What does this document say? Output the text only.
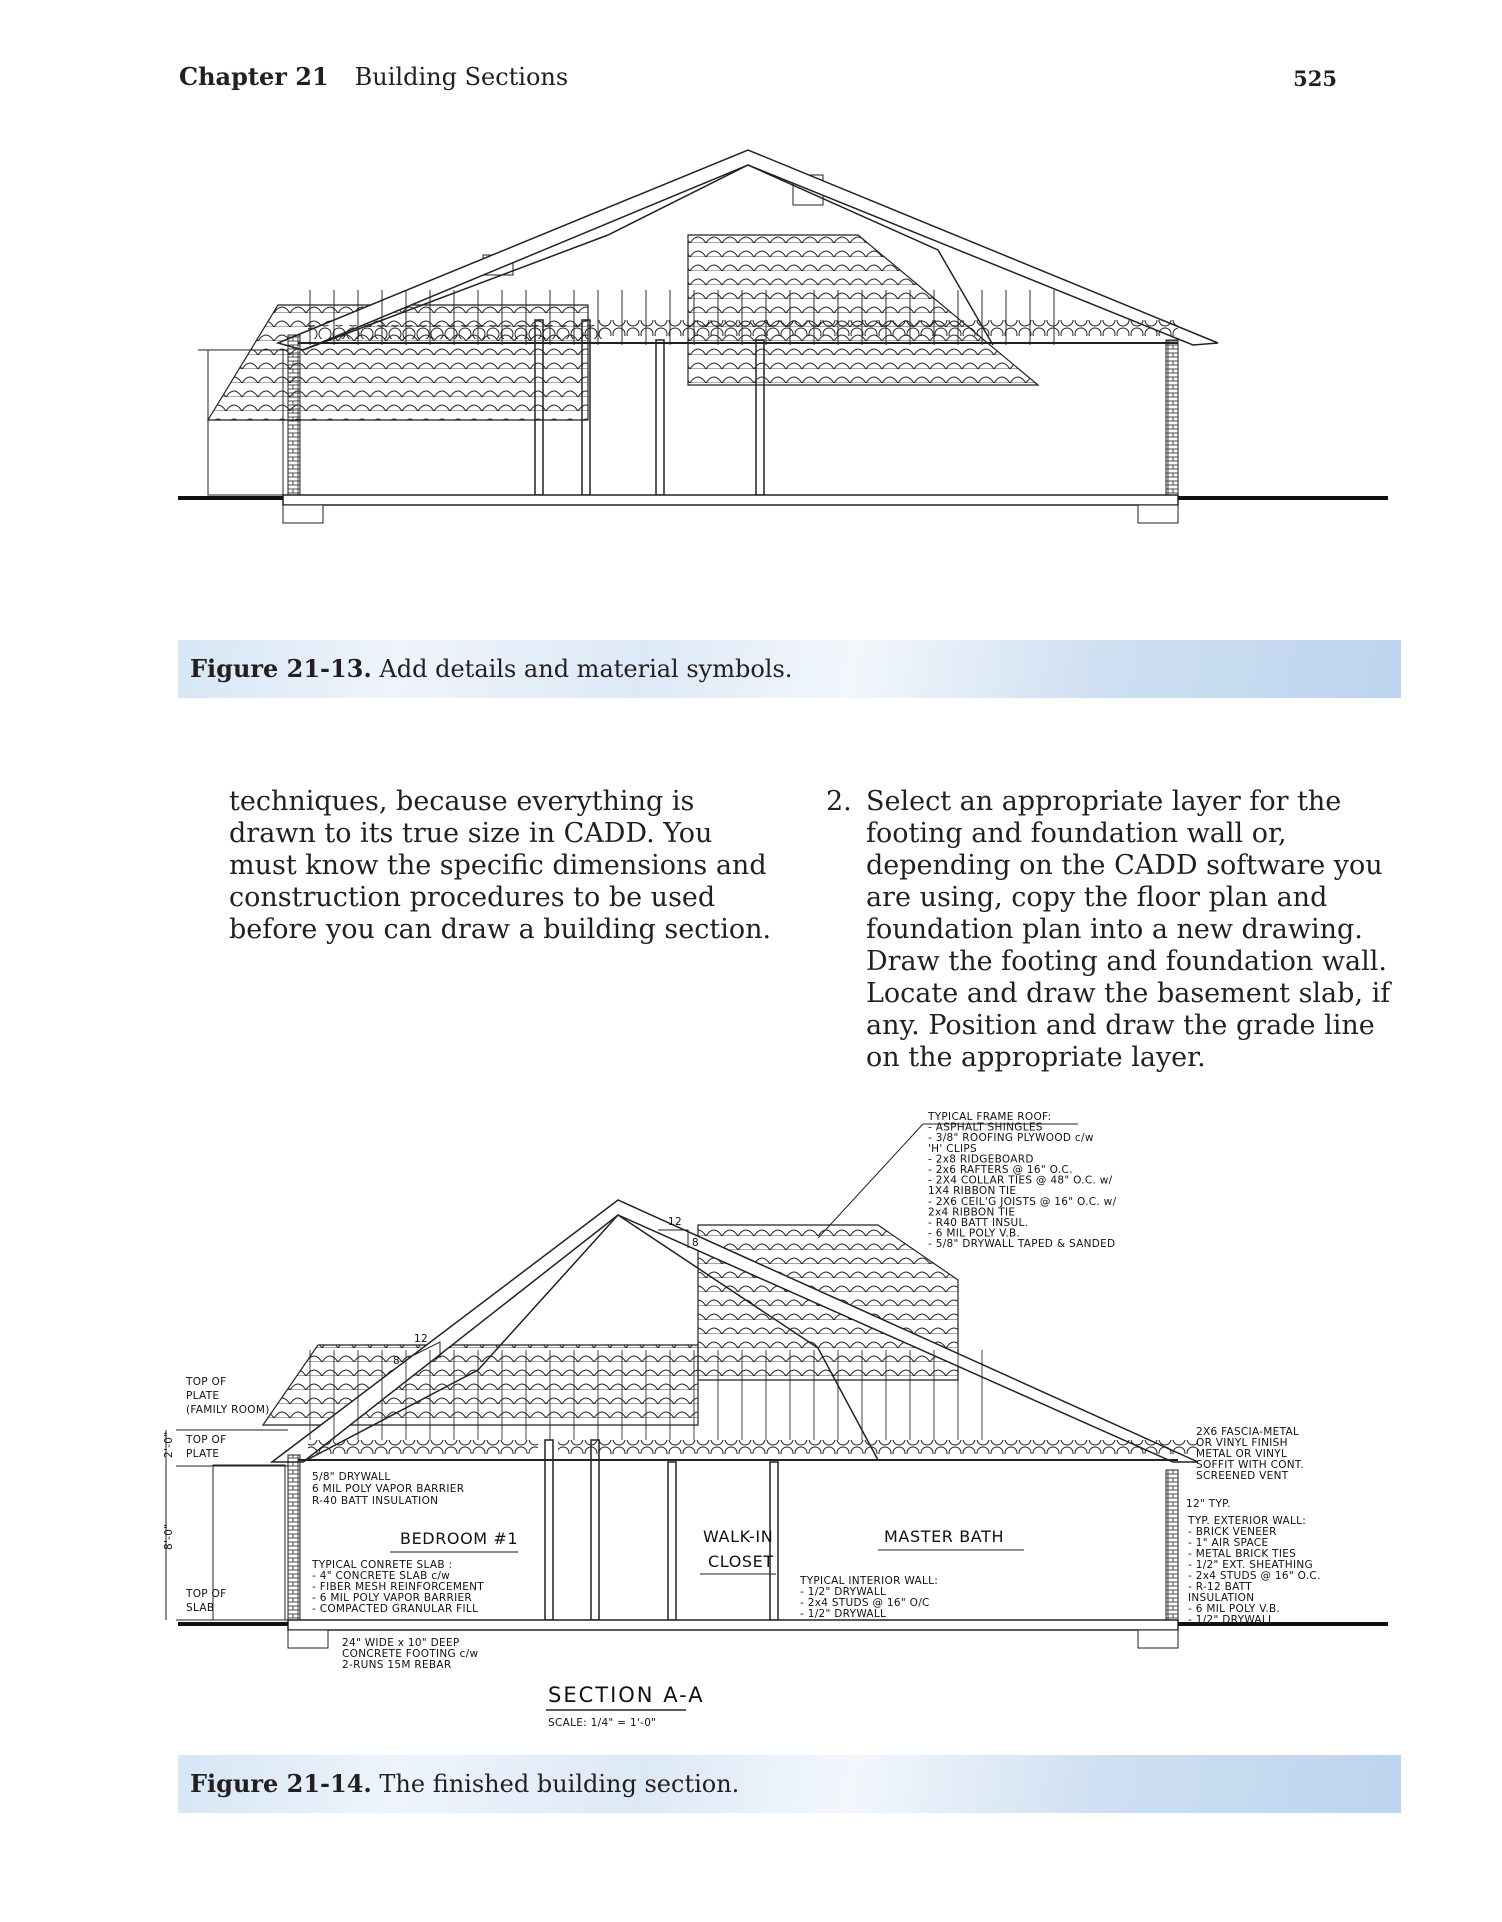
Chapter 21 Building Sections	525
Figure 21-13. Add details and material symbols.
techniques, because everything is drawn to its true size in CADD. You must know the specific dimensions and construction procedures to be used before you can draw a building section.
2. Select an appropriate layer for the footing and foundation wall or, depending on the CADD software you are using, copy the floor plan and foundation plan into a new drawing. Draw the footing and foundation wall. Locate and draw the basement slab, if any. Position and draw the grade line on the appropriate layer.
12
8
12
8
2'-0"
8'-0"
TOP OF
PLATE
(FAMILY ROOM)
TOP OF
PLATE
TOP OF
SLAB
TYPICAL FRAME ROOF:
- ASPHALT SHINGLES
- 3/8" ROOFING PLYWOOD c/w
'H' CLIPS
- 2x8 RIDGEBOARD
- 2x6 RAFTERS @ 16" O.C.
- 2X4 COLLAR TIES @ 48" O.C. w/
1X4 RIBBON TIE
- 2X6 CEIL'G JOISTS @ 16" O.C. w/
2x4 RIBBON TIE
- R40 BATT INSUL.
- 6 MIL POLY V.B.
- 5/8" DRYWALL TAPED & SANDED
5/8" DRYWALL
6 MIL POLY VAPOR BARRIER
R-40 BATT INSULATION
BEDROOM #1	WALK-IN
CLOSET
MASTER BATH
TYPICAL CONRETE SLAB :
- 4" CONCRETE SLAB c/w
- FIBER MESH REINFORCEMENT
- 6 MIL POLY VAPOR BARRIER
- COMPACTED GRANULAR FILL
TYPICAL INTERIOR WALL:
- 1/2" DRYWALL
- 2x4 STUDS @ 16" O/C
- 1/2" DRYWALL
2X6 FASCIA-METAL
OR VINYL FINISH
METAL OR VINYL
SOFFIT WITH CONT.
SCREENED VENT
12" TYP.
TYP. EXTERIOR WALL:
- BRICK VENEER
- 1" AIR SPACE
- METAL BRICK TIES
- 1/2" EXT. SHEATHING
- 2x4 STUDS @ 16" O.C.
- R-12 BATT
INSULATION
- 6 MIL POLY V.B.
- 1/2" DRYWALL
24" WIDE x 10" DEEP
CONCRETE FOOTING c/w
2-RUNS 15M REBAR
SECTION A-A
SCALE: 1/4" = 1'-0"
Figure 21-14. The finished building section.
